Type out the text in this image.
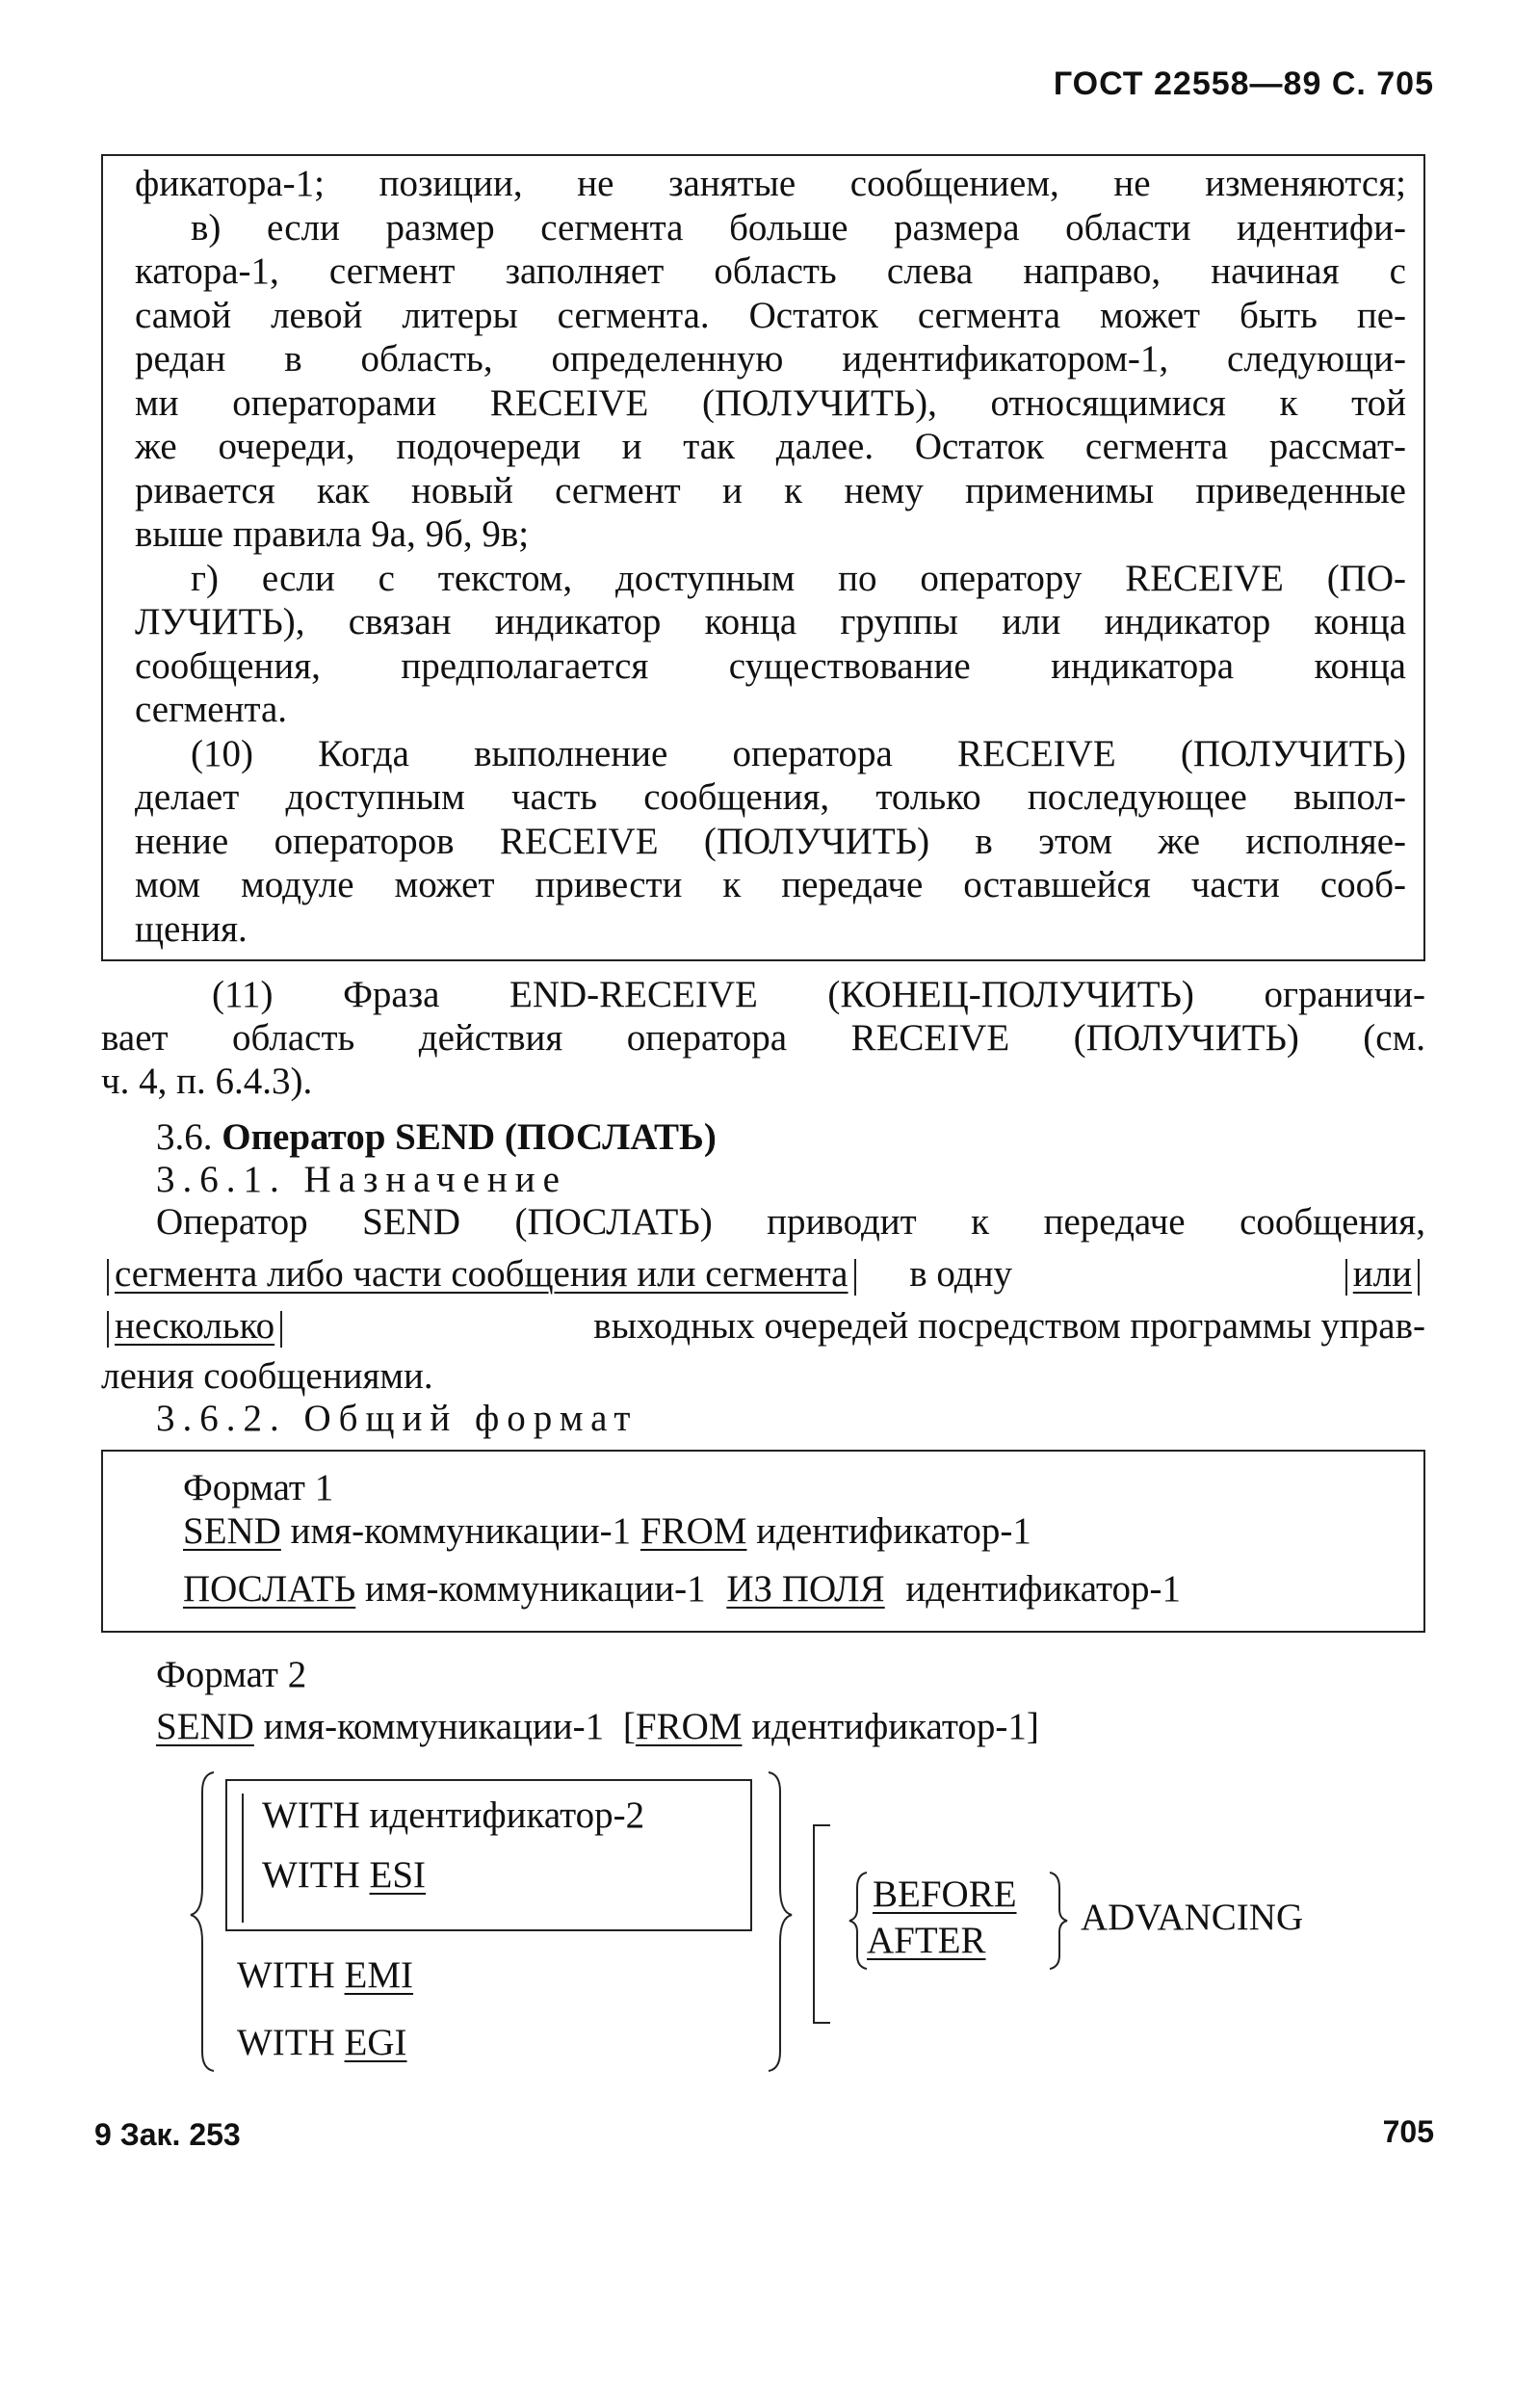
ГОСТ 22558—89 С. 705
фикатора-1; позиции, не занятые сообщением, не изменяются;
в) если размер сегмента больше размера области идентифи-
катора-1, сегмент заполняет область слева направо, начиная с
самой левой литеры сегмента. Остаток сегмента может быть пе-
редан в область, определенную идентификатором-1, следующи-
ми операторами RECEIVE (ПОЛУЧИТЬ), относящимися к той
же очереди, подочереди и так далее. Остаток сегмента рассмат-
ривается как новый сегмент и к нему применимы приведенные
выше правила 9а, 9б, 9в;
г) если с текстом, доступным по оператору RECEIVE (ПО-
ЛУЧИТЬ), связан индикатор конца группы или индикатор конца
сообщения, предполагается существование индикатора конца
сегмента.
(10) Когда выполнение оператора RECEIVE (ПОЛУЧИТЬ)
делает доступным часть сообщения, только последующее выпол-
нение операторов RECEIVE (ПОЛУЧИТЬ) в этом же исполняе-
мом модуле может привести к передаче оставшейся части сооб-
щения.
(11) Фраза END-RECEIVE (КОНЕЦ-ПОЛУЧИТЬ) ограничи-
вает область действия оператора RECEIVE (ПОЛУЧИТЬ) (см.
ч. 4, п. 6.4.3).
3.6. Оператор SEND (ПОСЛАТЬ)
3.6.1. Назначение
Оператор SEND (ПОСЛАТЬ) приводит к передаче сообщения,
сегмента либо части сообщения или сегмента в одну	или
несколько	выходных очередей посредством программы управ-
ления сообщениями.
3.6.2. Общий формат
Формат 1
SEND имя-коммуникации-1 FROM идентификатор-1
ПОСЛАТЬ имя-коммуникации-1 ИЗ ПОЛЯ идентификатор-1
Формат 2
SEND имя-коммуникации-1 [FROM идентификатор-1]
WITH идентификатор-2
WITH ESI
WITH EMI
WITH EGI
BEFORE
AFTER
ADVANCING
9 Зак. 253	705
